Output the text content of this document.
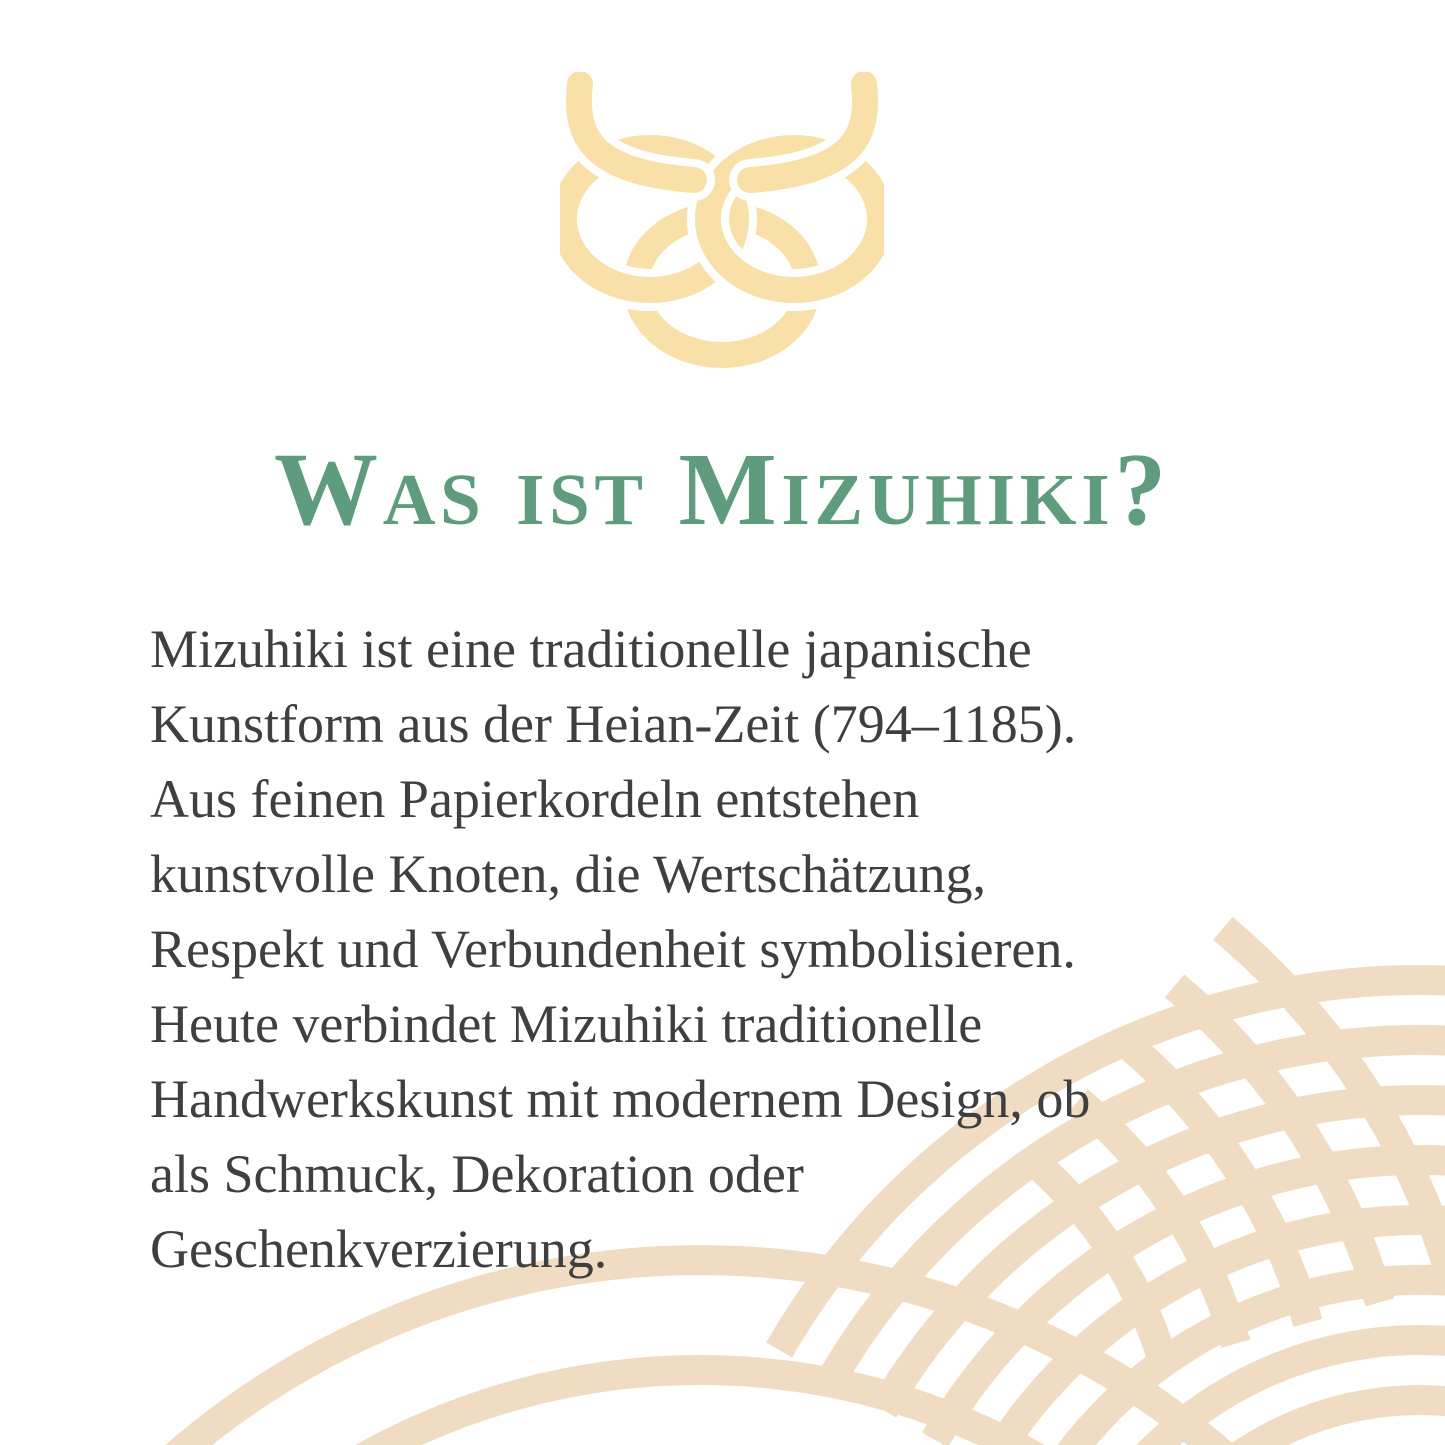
Was ist Mizuhiki?
Mizuhiki ist eine traditionelle japanische
Kunstform aus der Heian-Zeit (794–1185).
Aus feinen Papierkordeln entstehen
kunstvolle Knoten, die Wertschätzung,
Respekt und Verbundenheit symbolisieren.
Heute verbindet Mizuhiki traditionelle
Handwerkskunst mit modernem Design, ob
als Schmuck, Dekoration oder
Geschenkverzierung.
